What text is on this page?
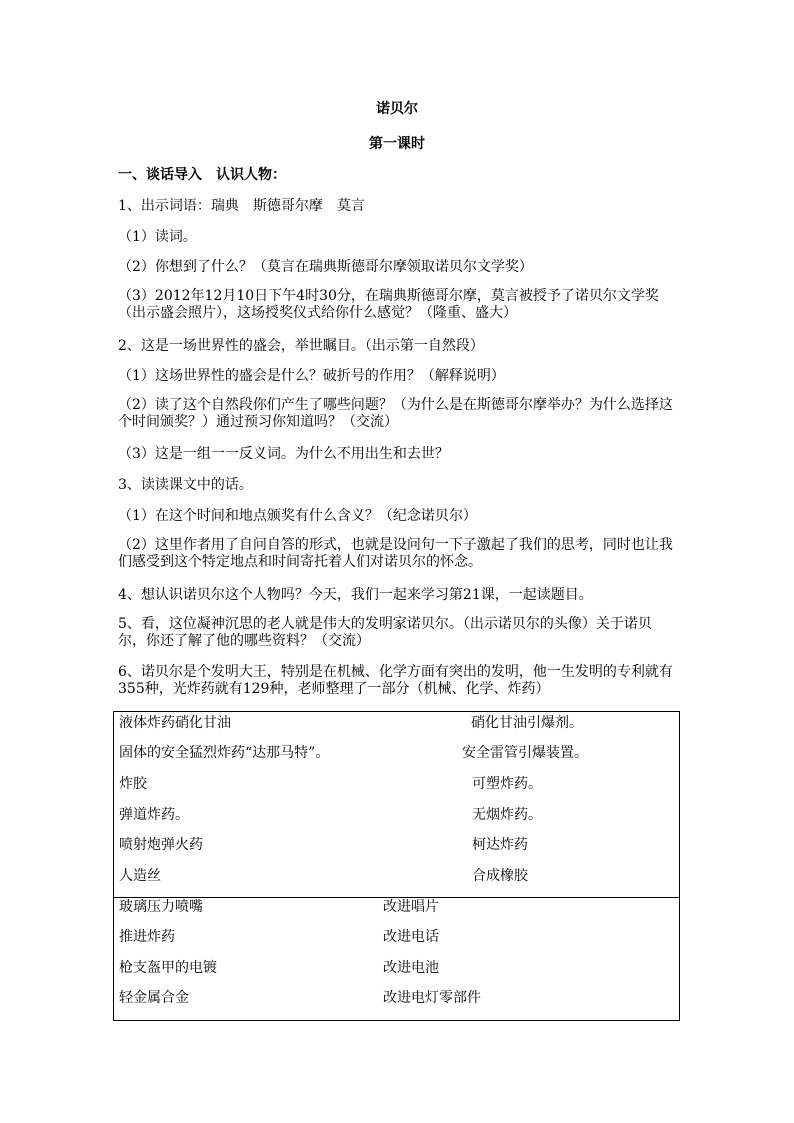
诺贝尔
第一课时
一、谈话导入　认识人物：
1、出示词语：瑞典　斯德哥尔摩　莫言
（1）读词。
（2）你想到了什么？（莫言在瑞典斯德哥尔摩领取诺贝尔文学奖）
（3）2012年12月10日下午4时30分，在瑞典斯德哥尔摩，莫言被授予了诺贝尔文学奖（出示盛会照片），这场授奖仪式给你什么感觉？（隆重、盛大）
2、这是一场世界性的盛会，举世瞩目。（出示第一自然段）
（1）这场世界性的盛会是什么？破折号的作用？（解释说明）
（2）读了这个自然段你们产生了哪些问题？（为什么是在斯德哥尔摩举办？为什么选择这个时间颁奖？）通过预习你知道吗？（交流）
（3）这是一组一一反义词。为什么不用出生和去世？
3、读读课文中的话。
（1）在这个时间和地点颁奖有什么含义？（纪念诺贝尔）
（2）这里作者用了自问自答的形式，也就是设问句一下子激起了我们的思考，同时也让我们感受到这个特定地点和时间寄托着人们对诺贝尔的怀念。
4、想认识诺贝尔这个人物吗？今天，我们一起来学习第21课，一起读题目。
5、看，这位凝神沉思的老人就是伟大的发明家诺贝尔。（出示诺贝尔的头像）关于诺贝尔，你还了解了他的哪些资料？（交流）
6、诺贝尔是个发明大王，特别是在机械、化学方面有突出的发明，他一生发明的专利就有355种，光炸药就有129种，老师整理了一部分（机械、化学、炸药）
液体炸药硝化甘油	硝化甘油引爆剂。
固体的安全猛烈炸药“达那马特”。	安全雷管引爆装置。
炸胶	可塑炸药。
弹道炸药。	无烟炸药。
喷射炮弹火药	柯达炸药
人造丝	合成橡胶
玻璃压力喷嘴	改进唱片
推进炸药	改进电话
枪支盔甲的电镀	改进电池
轻金属合金	改进电灯零部件
